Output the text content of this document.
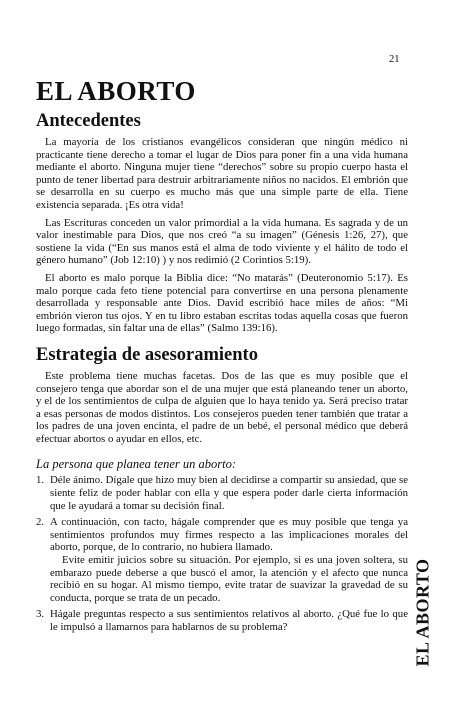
21
EL ABORTO
Antecedentes

La mayoría de los cristianos evangélicos consideran que ningún médico ni practicante tiene derecho a tomar el lugar de Dios para poner fin a una vida humana mediante el aborto. Ninguna mujer tiene “derechos” sobre su propio cuerpo hasta el punto de tener libertad para destruir arbitrariamente niños no nacidos. El embrión que se desarrolla en su cuerpo es mucho más que una simple parte de ella. Tiene existencia separada. ¡Es otra vida!

Las Escrituras conceden un valor primordial a la vida humana. Es sagrada y de un valor inestimable para Dios, que nos creó “a su imagen” (Génesis 1:26, 27), que sostiene la vida (“En sus manos está el alma de todo viviente y el hálito de todo el género humano” (Job 12:10) ) y nos redimió (2 Corintios 5:19).

El aborto es malo porque la Biblia dice: “No matarás” (Deuteronomio 5:17). Es malo porque cada feto tiene potencial para convertirse en una persona plenamente desarrollada y responsable ante Dios. David escribió hace miles de años: “Mi embrión vieron tus ojos. Y en tu libro estaban escritas todas aquella cosas que fueron luego formadas, sin faltar una de ellas” (Salmo 139:16).

Estrategia de asesoramiento

Este problema tiene muchas facetas. Dos de las que es muy posible que el consejero tenga que abordar son el de una mujer que está planeando tener un aborto, y el de los sentimientos de culpa de alguien que lo haya tenido ya. Será preciso tratar a esas personas de modos distintos. Los consejeros pueden tener también que tratar a los padres de una joven encinta, el padre de un bebé, el personal médico que deberá efectuar abortos o ayudar en ellos, etc.

La persona que planea tener un aborto:
1. Déle ánimo. Dígale que hizo muy bien al decidirse a compartir su ansiedad, que se siente feliz de poder hablar con ella y que espera poder darle cierta información que le ayudará a tomar su decisión final.
2. A continuación, con tacto, hágale comprender que es muy posible que tenga ya sentimientos profundos muy firmes respecto a las implicaciones morales del aborto, porque, de lo contrario, no hubiera llamado.

Evite emitir juicios sobre su situación. Por ejemplo, si es una joven soltera, su embarazo puede deberse a que buscó el amor, la atención y el afecto que nunca recibió en su hogar. Al mismo tiempo, evite tratar de suavizar la gravedad de su conducta, porque se trata de un pecado.

3. Hágale preguntas respecto a sus sentimientos relativos al aborto. ¿Qué fue lo que le impulsó a llamarnos para hablarnos de su problema?	EL ABORTO
